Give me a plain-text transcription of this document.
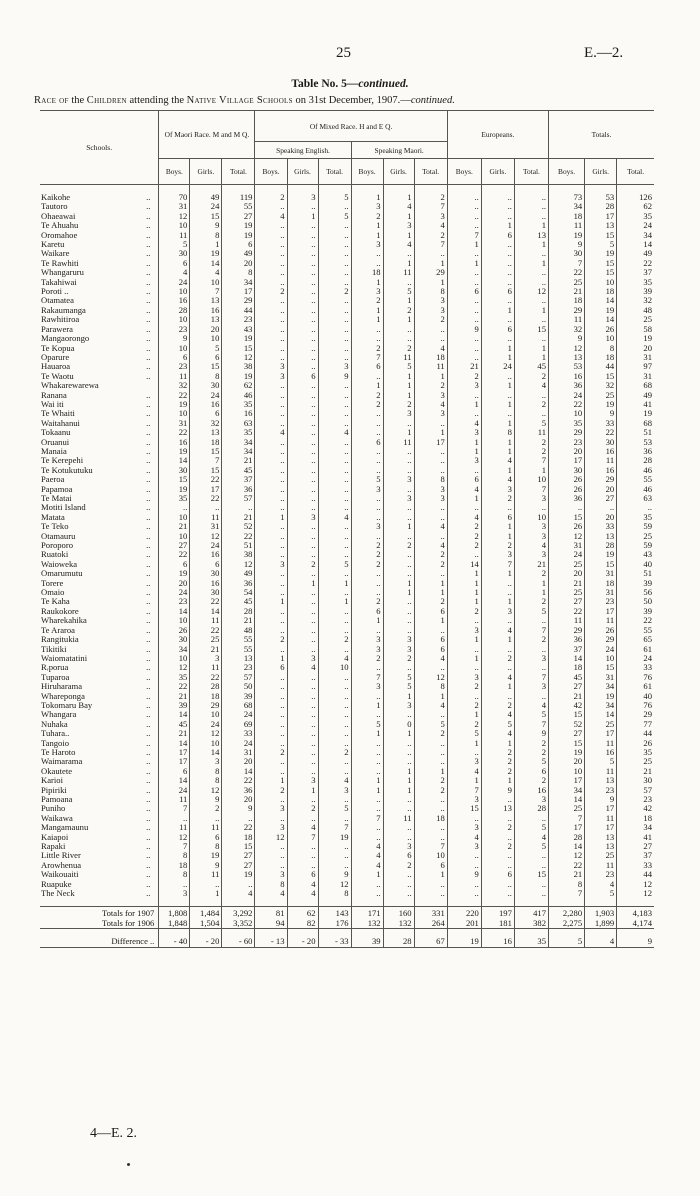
25	E.—2.
Table No. 5—continued.
Race of the Children attending the Native Village Schools on 31st December, 1907.—continued.
Schools.		Of Maori Race. M and M Q.			Of Mixed Race. H and E Q.						Europeans.			Totals.		
					Speaking English.			Speaking Maori.								
		Boys.	Girls.	Total.	Boys.	Girls.	Total.	Boys.	Girls.	Total.	Boys.	Girls.	Total.	Boys.	Girls.	Total.

Kaikohe	..	70	49	119	2	3	5	1	1	2	..	..	..	73	53	126
Tautoro	..	31	24	55	..	..	..	3	4	7	..	..	..	34	28	62
Ohaeawai	..	12	15	27	4	1	5	2	1	3	..	..	..	18	17	35
Te Ahuahu	..	10	9	19	..	..	..	1	3	4	..	1	1	11	13	24
Oromahoe	..	11	8	19	..	..	..	1	1	2	7	6	13	19	15	34
Karetu	..	5	1	6	..	..	..	3	4	7	1	..	1	9	5	14
Waikare	..	30	19	49	..	..	..	..	..	..	..	..	..	30	19	49
Te Rawhiti	..	6	14	20	..	..	..	..	1	1	1	..	1	7	15	22
Whangaruru	..	4	4	8	..	..	..	18	11	29	..	..	..	22	15	37
Takahiwai	..	24	10	34	..	..	..	1	..	1	..	..	..	25	10	35
Poroti ..	..	10	7	17	2	..	2	3	5	8	6	6	12	21	18	39
Otamatea	..	16	13	29	..	..	..	2	1	3	..	..	..	18	14	32
Rakaumanga	..	28	16	44	..	..	..	1	2	3	..	1	1	29	19	48
Rawhitiroa	..	10	13	23	..	..	..	1	1	2	..	..	..	11	14	25
Parawera	..	23	20	43	..	..	..	..	..	..	9	6	15	32	26	58
Mangaorongo	..	9	10	19	..	..	..	..	..	..	..	..	..	9	10	19
Te Kopua	..	10	5	15	..	..	..	2	2	4	..	1	1	12	8	20
Oparure	..	6	6	12	..	..	..	7	11	18	..	1	1	13	18	31
Hauaroa	..	23	15	38	3	..	3	6	5	11	21	24	45	53	44	97
Te Waotu	..	11	8	19	3	6	9	..	1	1	2	..	2	16	15	31
Whakarewarewa		32	30	62	..	..	..	1	1	2	3	1	4	36	32	68
Ranana	..	22	24	46	..	..	..	2	1	3	..	..	..	24	25	49
Wai iti	..	19	16	35	..	..	..	2	2	4	1	1	2	22	19	41
Te Whaiti	..	10	6	16	..	..	..	..	3	3	..	..	..	10	9	19
Waitahanui	..	31	32	63	..	..	..	..	..	..	4	1	5	35	33	68
Tokaanu	..	22	13	35	4	..	4	..	1	1	3	8	11	29	22	51
Oruanui	..	16	18	34	..	..	..	6	11	17	1	1	2	23	30	53
Manaia	..	19	15	34	..	..	..	..	..	..	1	1	2	20	16	36
Te Kerepehi	..	14	7	21	..	..	..	..	..	..	3	4	7	17	11	28
Te Kotukutuku	..	30	15	45	..	..	..	..	..	..	..	1	1	30	16	46
Paeroa	..	15	22	37	..	..	..	5	3	8	6	4	10	26	29	55
Papamoa	..	19	17	36	..	..	..	3	..	3	4	3	7	26	20	46
Te Matai	..	35	22	57	..	..	..	..	3	3	1	2	3	36	27	63
Motiti Island	..	..	..	..	..	..	..	..	..	..	..	..	..	..	..	..
Matata	..	10	11	21	1	3	4	..	..	..	4	6	10	15	20	35
Te Teko	..	21	31	52	..	..	..	3	1	4	2	1	3	26	33	59
Otamauru	..	10	12	22	..	..	..	..	..	..	2	1	3	12	13	25
Poroporo	..	27	24	51	..	..	..	2	2	4	2	2	4	31	28	59
Ruatoki	..	22	16	38	..	..	..	2	..	2	..	3	3	24	19	43
Waioweka	..	6	6	12	3	2	5	2	..	2	14	7	21	25	15	40
Omarumutu	..	19	30	49	..	..	..	..	..	..	1	1	2	20	31	51
Torere	..	20	16	36	..	1	1	..	1	1	1	..	1	21	18	39
Omaio	..	24	30	54	..	..	..	..	1	1	1	..	1	25	31	56
Te Kaha	..	23	22	45	1	..	1	2	..	2	1	1	2	27	23	50
Raukokore	..	14	14	28	..	..	..	6	..	6	2	3	5	22	17	39
Wharekahika	..	10	11	21	..	..	..	1	..	1	..	..	..	11	11	22
Te Araroa	..	26	22	48	..	..	..	..	..	..	3	4	7	29	26	55
Rangitukia	..	30	25	55	2	..	2	3	3	6	1	1	2	36	29	65
Tikitiki	..	34	21	55	..	..	..	3	3	6	..	..	..	37	24	61
Waiomatatini	..	10	3	13	1	3	4	2	2	4	1	2	3	14	10	24
Rᵣporua	..	12	11	23	6	4	10	..	..	..	..	..	..	18	15	33
Tuparoa	..	35	22	57	..	..	..	7	5	12	3	4	7	45	31	76
Hiruharama	..	22	28	50	..	..	..	3	5	8	2	1	3	27	34	61
Whareponga	..	21	18	39	..	..	..	..	1	1	..	..	..	21	19	40
Tokomaru Bay	..	39	29	68	..	..	..	1	3	4	2	2	4	42	34	76
Whangara	..	14	10	24	..	..	..	..	..	..	1	4	5	15	14	29
Nuhaka	..	45	24	69	..	..	..	5	0	5	2	5	7	52	25	77
Tuhara..	..	21	12	33	..	..	..	1	1	2	5	4	9	27	17	44
Tangoio	..	14	10	24	..	..	..	..	..	..	1	1	2	15	11	26
Te Haroto	..	17	14	31	2	..	2	..	..	..	..	2	2	19	16	35
Waimarama	..	17	3	20	..	..	..	..	..	..	3	2	5	20	5	25
Okautete	..	6	8	14	..	..	..	..	1	1	4	2	6	10	11	21
Karioi	..	14	8	22	1	3	4	1	1	2	1	1	2	17	13	30
Pipiriki	..	24	12	36	2	1	3	1	1	2	7	9	16	34	23	57
Pamoana	..	11	9	20	..	..	..	..	..	..	3	..	3	14	9	23
Puniho	..	7	2	9	3	2	5	..	..	..	15	13	28	25	17	42
Waikawa	..	..	..	..	..	..	..	7	11	18	..	..	..	7	11	18
Mangamaunu	..	11	11	22	3	4	7	..	..	..	3	2	5	17	17	34
Kaiapoi	..	12	6	18	12	7	19	..	..	..	4	..	4	28	13	41
Rapaki	..	7	8	15	..	..	..	4	3	7	3	2	5	14	13	27
Little River	..	8	19	27	..	..	..	4	6	10	..	..	..	12	25	37
Arowhenua	..	18	9	27	..	..	..	4	2	6	..	..	..	22	11	33
Waikouaiti	..	8	11	19	3	6	9	1	..	1	9	6	15	21	23	44
Ruapuke	..	..	..	..	8	4	12	..	..	..	..	..	..	8	4	12
The Neck	..	3	1	4	4	4	8	..	..	..	..	..	..	7	5	12

Totals for 1907		1,808	1,484	3,292	81	62	143	171	160	331	220	197	417	2,280	1,903	4,183
Totals for 1906		1,848	1,504	3,352	94	82	176	132	132	264	201	181	382	2,275	1,899	4,174

Difference ..		- 40	- 20	- 60	- 13	- 20	- 33	39	28	67	19	16	35	5	4	9
4—E. 2.
